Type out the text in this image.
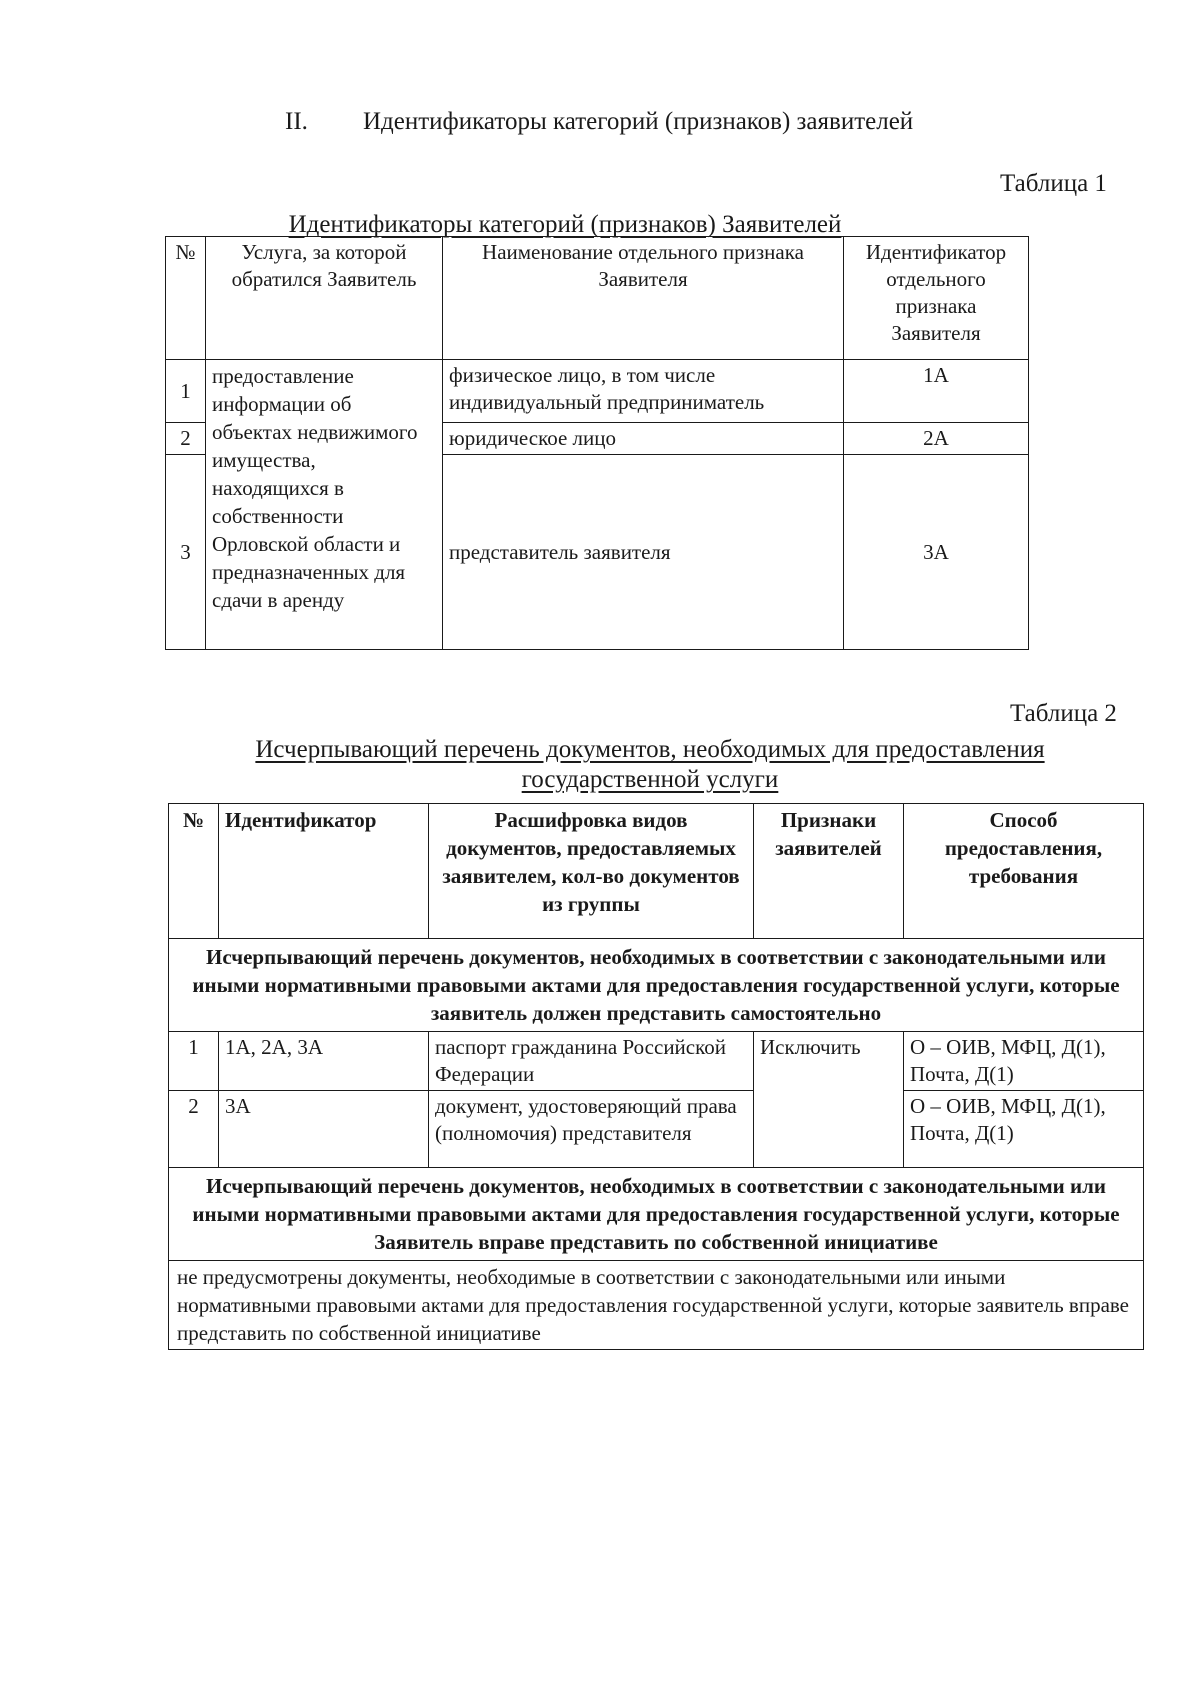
II. Идентификаторы категорий (признаков) заявителей
Таблица 1
Идентификаторы категорий (признаков) Заявителей
№	Услуга, за которой обратился Заявитель	Наименование отдельного признака Заявителя	Идентификатор отдельного признака Заявителя
1	предоставление информации об объектах недвижимого имущества, находящихся в собственности Орловской области и предназначенных для сдачи в аренду	физическое лицо, в том числе индивидуальный предприниматель	1А
2		юридическое лицо	2А
3		представитель заявителя	3А
Таблица 2
Исчерпывающий перечень документов, необходимых для предоставления государственной услуги
№	Идентификатор	Расшифровка видов документов, предоставляемых заявителем, кол-во документов из группы	Признаки заявителей	Способ предоставления, требования
Исчерпывающий перечень документов, необходимых в соответствии с законодательными или иными нормативными правовыми актами для предоставления государственной услуги, которые заявитель должен представить самостоятельно				
1	1А, 2А, 3А	паспорт гражданина Российской Федерации	Исключить	О – ОИВ, МФЦ, Д(1), Почта, Д(1)
2	3А	документ, удостоверяющий права (полномочия) представителя		О – ОИВ, МФЦ, Д(1), Почта, Д(1)
Исчерпывающий перечень документов, необходимых в соответствии с законодательными или иными нормативными правовыми актами для предоставления государственной услуги, которые Заявитель вправе представить по собственной инициативе				
не предусмотрены документы, необходимые в соответствии с законодательными или иными нормативными правовыми актами для предоставления государственной услуги, которые заявитель вправе представить по собственной инициативе				
